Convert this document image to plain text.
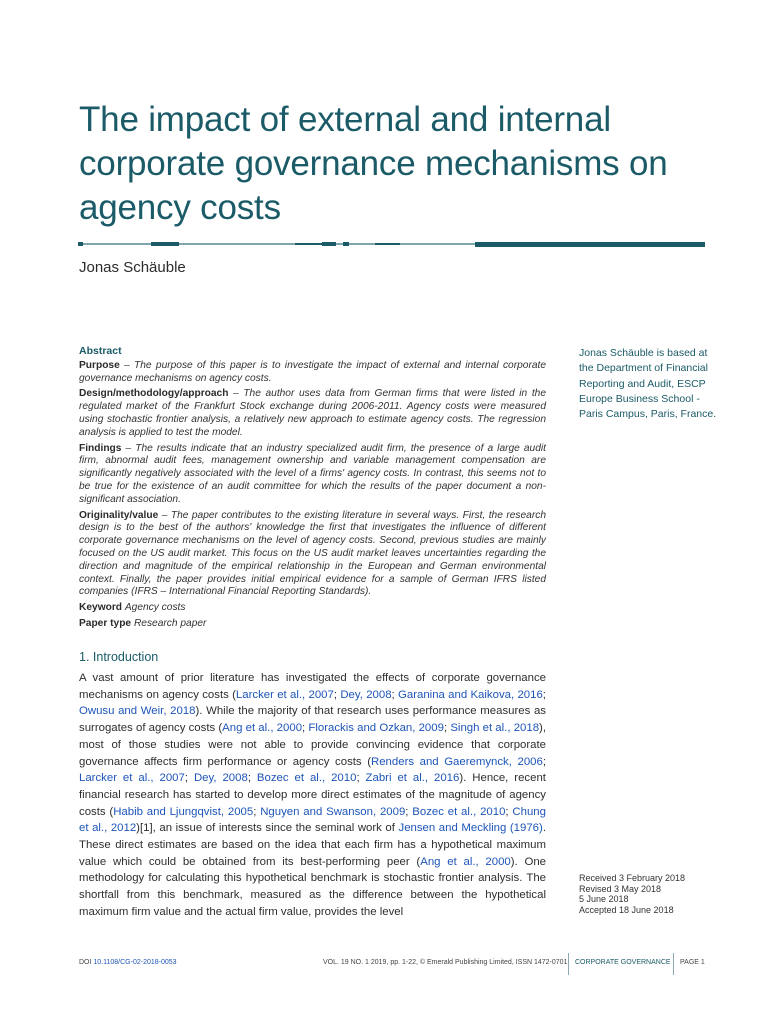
The impact of external and internal corporate governance mechanisms on agency costs
Jonas Schäuble
Abstract

Purpose – The purpose of this paper is to investigate the impact of external and internal corporate governance mechanisms on agency costs.

Design/methodology/approach – The author uses data from German firms that were listed in the regulated market of the Frankfurt Stock exchange during 2006-2011. Agency costs were measured using stochastic frontier analysis, a relatively new approach to estimate agency costs. The regression analysis is applied to test the model.

Findings – The results indicate that an industry specialized audit firm, the presence of a large audit firm, abnormal audit fees, management ownership and variable management compensation are significantly negatively associated with the level of a firms' agency costs. In contrast, this seems not to be true for the existence of an audit committee for which the results of the paper document a non-significant association.

Originality/value – The paper contributes to the existing literature in several ways. First, the research design is to the best of the authors' knowledge the first that investigates the influence of different corporate governance mechanisms on the level of agency costs. Second, previous studies are mainly focused on the US audit market. This focus on the US audit market leaves uncertainties regarding the direction and magnitude of the empirical relationship in the European and German environmental context. Finally, the paper provides initial empirical evidence for a sample of German IFRS listed companies (IFRS – International Financial Reporting Standards).

Keyword Agency costs

Paper type Research paper

Jonas Schäuble is based at the Department of Financial Reporting and Audit, ESCP Europe Business School - Paris Campus, Paris, France.
1. Introduction
A vast amount of prior literature has investigated the effects of corporate governance mechanisms on agency costs (Larcker et al., 2007; Dey, 2008; Garanina and Kaikova, 2016; Owusu and Weir, 2018). While the majority of that research uses performance measures as surrogates of agency costs (Ang et al., 2000; Florackis and Ozkan, 2009; Singh et al., 2018), most of those studies were not able to provide convincing evidence that corporate governance affects firm performance or agency costs (Renders and Gaeremynck, 2006; Larcker et al., 2007; Dey, 2008; Bozec et al., 2010; Zabri et al., 2016). Hence, recent financial research has started to develop more direct estimates of the magnitude of agency costs (Habib and Ljungqvist, 2005; Nguyen and Swanson, 2009; Bozec et al., 2010; Chung et al., 2012)[1], an issue of interests since the seminal work of Jensen and Meckling (1976). These direct estimates are based on the idea that each firm has a hypothetical maximum value which could be obtained from its best-performing peer (Ang et al., 2000). One methodology for calculating this hypothetical benchmark is stochastic frontier analysis. The shortfall from this benchmark, measured as the difference between the hypothetical maximum firm value and the actual firm value, provides the level
Received 3 February 2018
Revised 3 May 2018
5 June 2018
Accepted 18 June 2018
DOI 10.1108/CG-02-2018-0053	VOL. 19 NO. 1 2019, pp. 1-22, © Emerald Publishing Limited, ISSN 1472-0701 CORPORATE GOVERNANCE PAGE 1
